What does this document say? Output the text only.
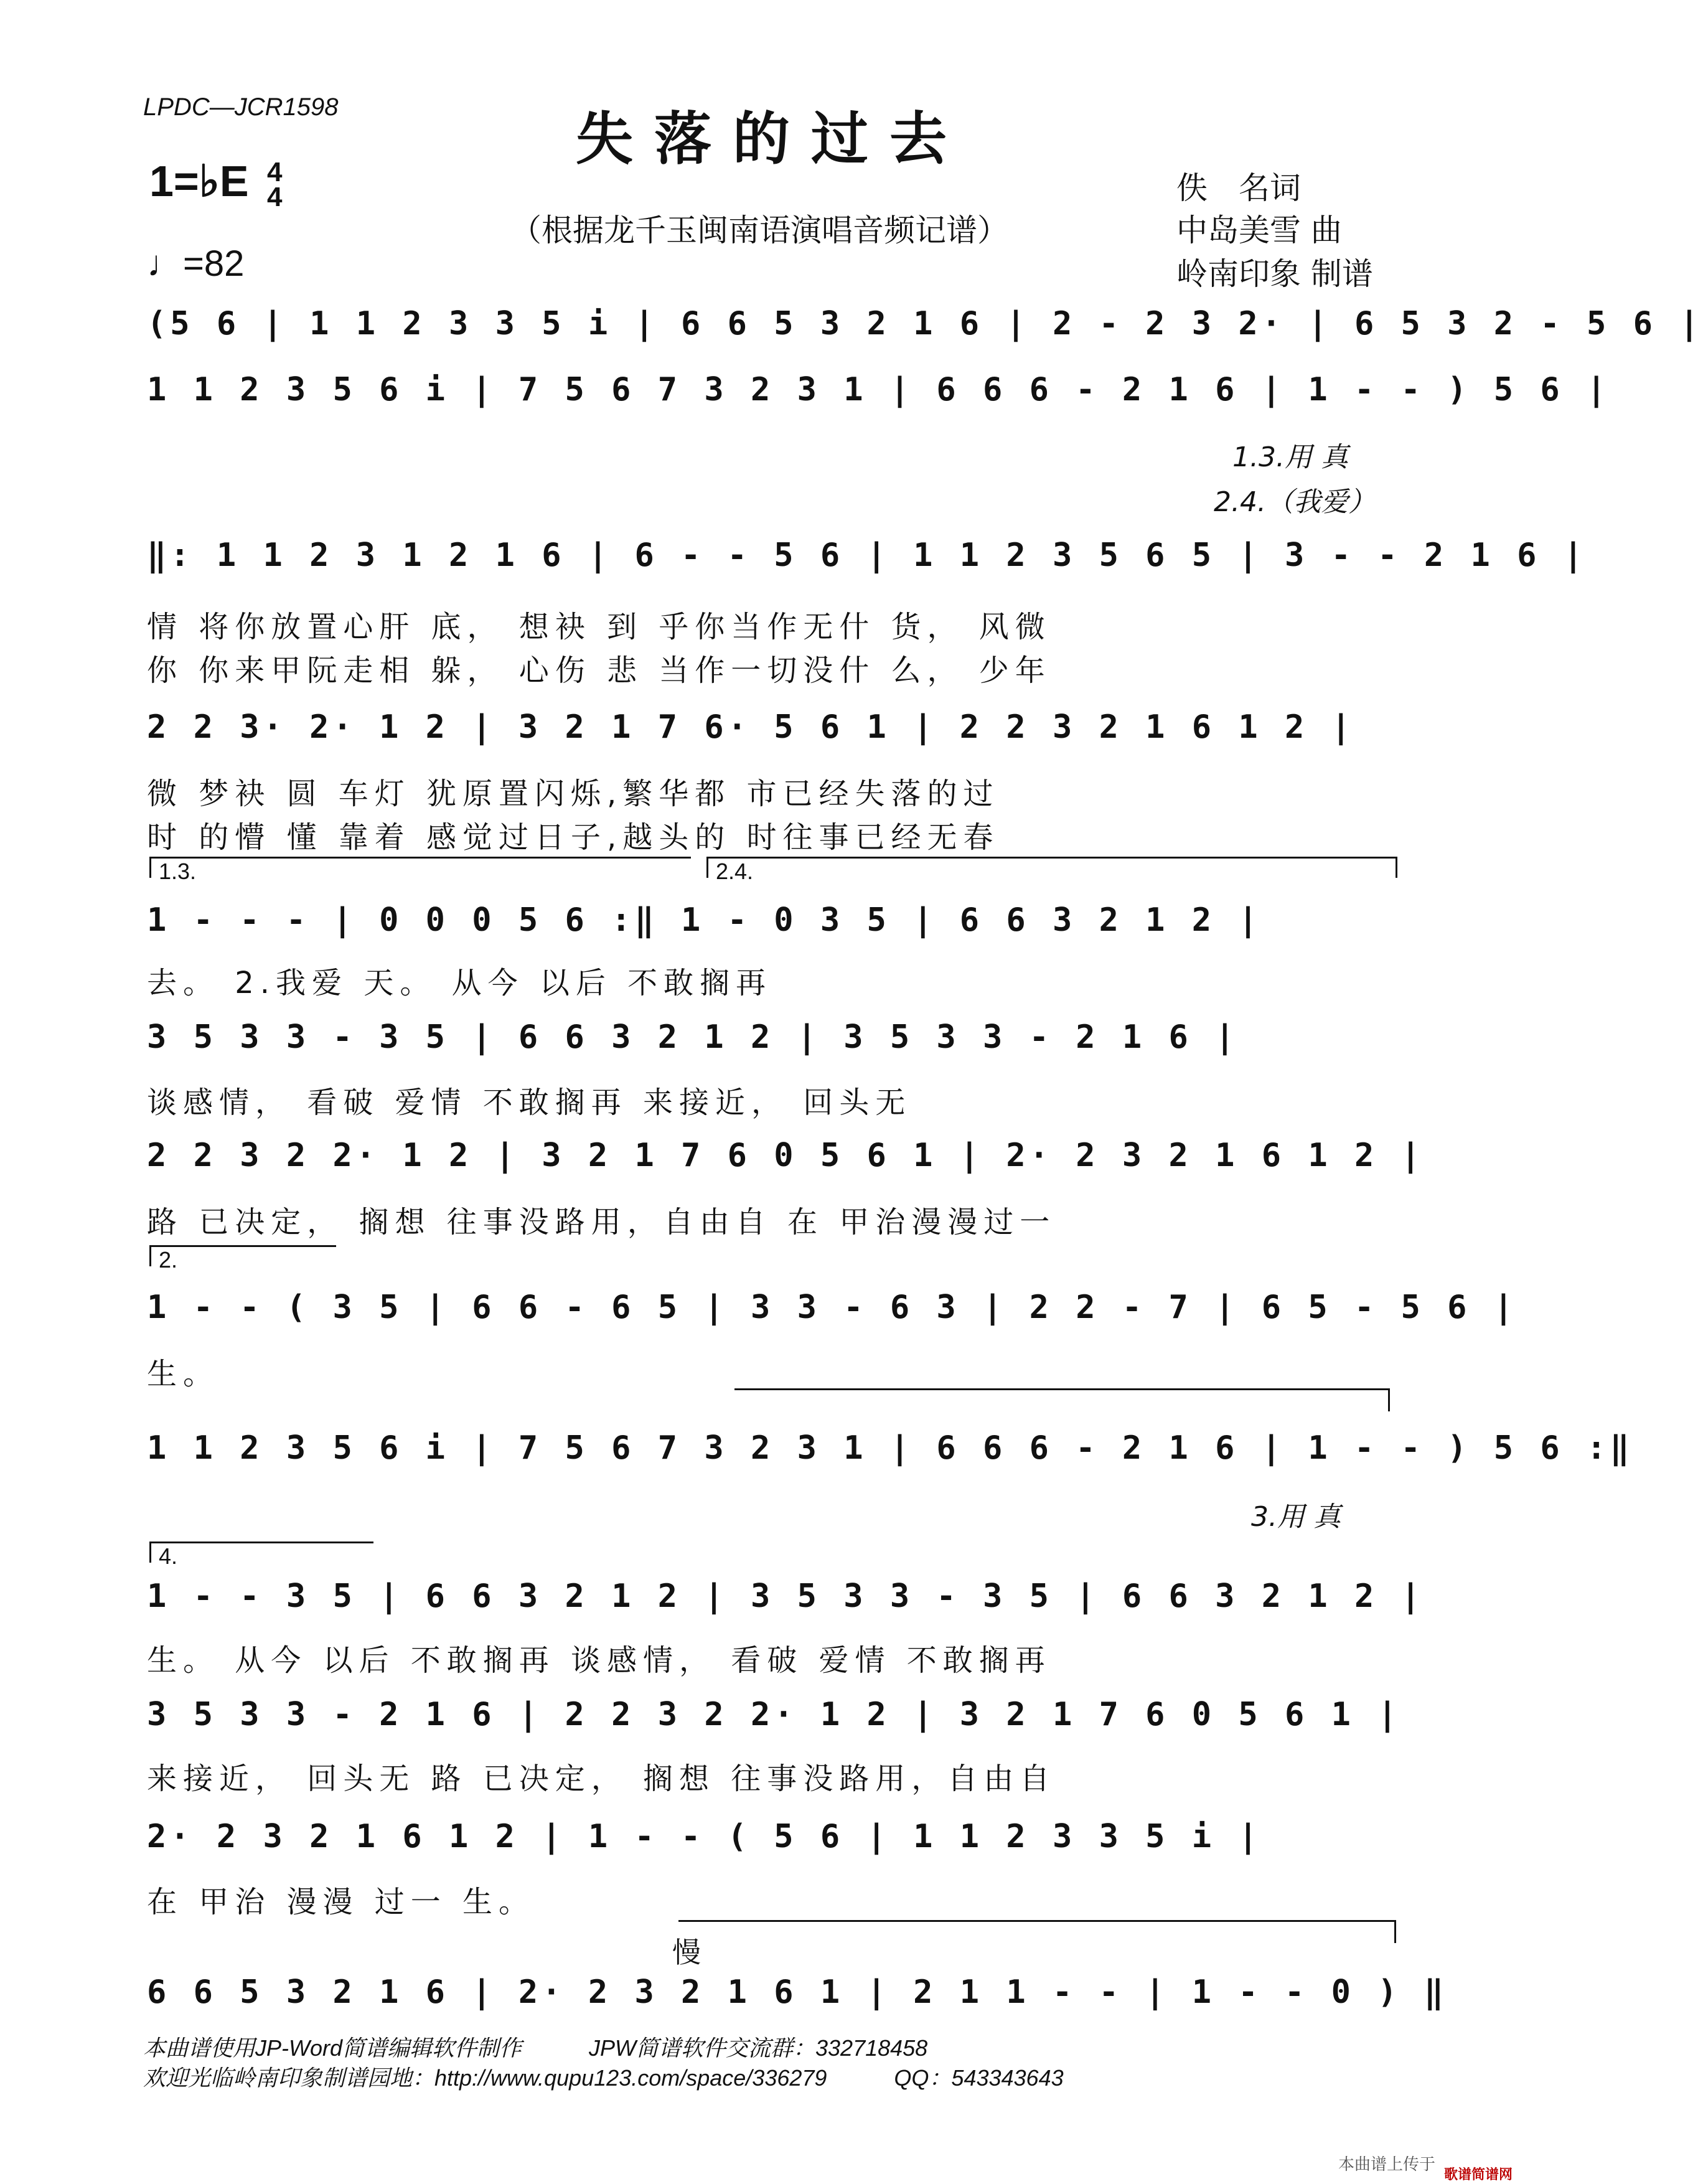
LPDC—JCR1598	失落的过去
1=♭E 4
4
♩=82
（根据龙千玉闽南语演唱音频记谱）
佚　名词
中岛美雪 曲
岭南印象 制谱
(5 6 | 1 1 2 3 3 5 i | 6 6 5 3 2 1 6 | 2 - 2 3 2· | 6 5 3 2 - 5 6 |
1 1 2 3 5 6 i | 7 5 6 7 3 2 3 1 | 6 6 6 - 2 1 6 | 1 - - ) 5 6 |
1.3.用 真
2.4.（我爱）
‖: 1 1 2 3 1 2 1 6 | 6 - - 5 6 | 1 1 2 3 5 6 5 | 3 - - 2 1 6 |
情 将你放置心肝 底， 想袂 到 乎你当作无什 货， 风微
你 你来甲阮走相 躲， 心伤 悲 当作一切没什 么， 少年
2 2 3· 2· 1 2 | 3 2 1 7 6· 5 6 1 | 2 2 3 2 1 6 1 2 |
微 梦袂 圆 车灯 犹原置闪烁,繁华都 市已经失落的过
时 的懵 懂 靠着 感觉过日子,越头的 时往事已经无春
1.3.	2.4.
1 - - - | 0 0 0 5 6 :‖ 1 - 0 3 5 | 6 6 3 2 1 2 |
去。 2.我爱 天。 从今 以后 不敢搁再
3 5 3 3 - 3 5 | 6 6 3 2 1 2 | 3 5 3 3 - 2 1 6 |
谈感情， 看破 爱情 不敢搁再 来接近， 回头无
2 2 3 2 2· 1 2 | 3 2 1 7 6 0 5 6 1 | 2· 2 3 2 1 6 1 2 |
路 已决定， 搁想 往事没路用，自由自 在 甲治漫漫过一
2.
1 - - ( 3 5 | 6 6 - 6 5 | 3 3 - 6 3 | 2 2 - 7 | 6 5 - 5 6 |
生。
1 1 2 3 5 6 i | 7 5 6 7 3 2 3 1 | 6 6 6 - 2 1 6 | 1 - - ) 5 6 :‖
3.用 真
4.
1 - - 3 5 | 6 6 3 2 1 2 | 3 5 3 3 - 3 5 | 6 6 3 2 1 2 |
生。 从今 以后 不敢搁再 谈感情， 看破 爱情 不敢搁再
3 5 3 3 - 2 1 6 | 2 2 3 2 2· 1 2 | 3 2 1 7 6 0 5 6 1 |
来接近， 回头无 路 已决定， 搁想 往事没路用，自由自
2· 2 3 2 1 6 1 2 | 1 - - ( 5 6 | 1 1 2 3 3 5 i |
在 甲治 漫漫 过一 生。
慢
6 6 5 3 2 1 6 | 2· 2 3 2 1 6 1 | 2 1 1 - - | 1 - - 0 ) ‖
本曲谱使用JP-Word简谱编辑软件制作　　　JPW简谱软件交流群：332718458
欢迎光临岭南印象制谱园地：http://www.qupu123.com/space/336279　　　QQ：543343643
本曲谱上传于
歌谱简谱网
